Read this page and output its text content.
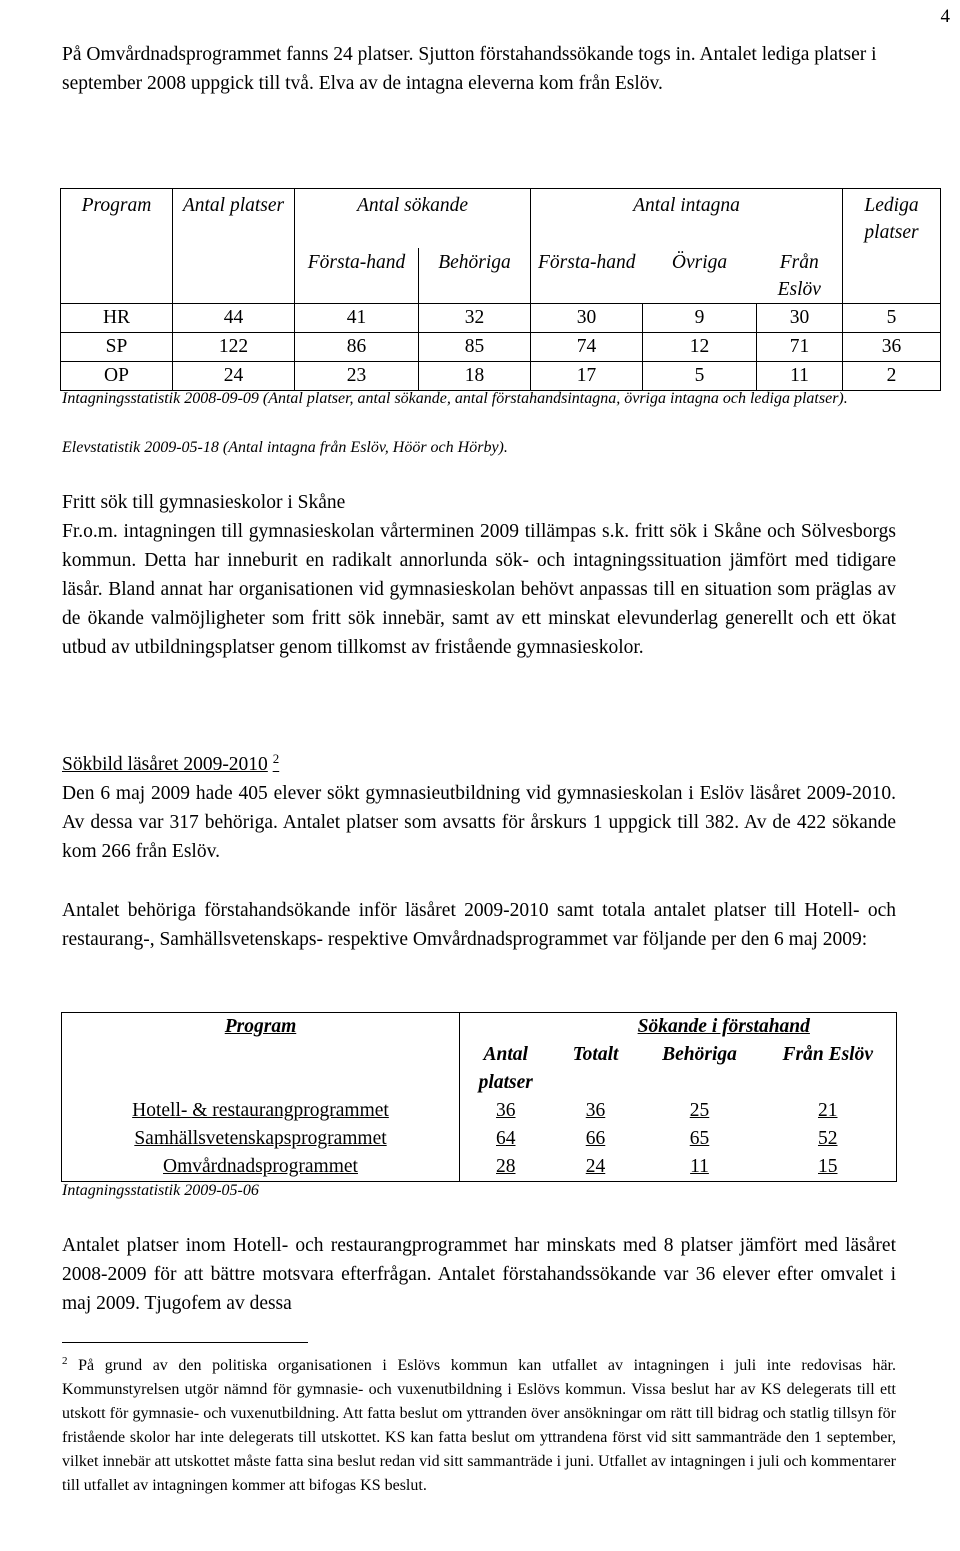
4

På Omvårdnadsprogrammet fanns 24 platser. Sjutton förstahandssökande togs in. Antalet lediga platser i september 2008 uppgick till två. Elva av de intagna eleverna kom från Eslöv.

Program	Antal platser	Antal sökande		Antal intagna			Lediga platser
		Första-hand	Behöriga	Första-hand	Övriga	Från Eslöv	
HR	44	41	32	30	9	30	5
SP	122	86	85	74	12	71	36
OP	24	23	18	17	5	11	2
Intagningsstatistik 2008-09-09 (Antal platser, antal sökande, antal förstahandsintagna, övriga intagna och lediga platser).
Elevstatistik 2009-05-18 (Antal intagna från Eslöv, Höör och Hörby).
Fritt sök till gymnasieskolor i Skåne
Fr.o.m. intagningen till gymnasieskolan vårterminen 2009 tillämpas s.k. fritt sök i Skåne och Sölvesborgs kommun. Detta har inneburit en radikalt annorlunda sök- och intagningssituation jämfört med tidigare läsår. Bland annat har organisationen vid gymnasieskolan behövt anpassas till en situation som präglas av de ökande valmöjligheter som fritt sök innebär, samt av ett minskat elevunderlag generellt och ett ökat utbud av utbildningsplatser genom tillkomst av fristående gymnasieskolor.
Sökbild läsåret 2009-2010 $^2$
Den 6 maj 2009 hade 405 elever sökt gymnasieutbildning vid gymnasieskolan i Eslöv läsåret 2009-2010. Av dessa var 317 behöriga. Antalet platser som avsatts för årskurs 1 uppgick till 382. Av de 422 sökande kom 266 från Eslöv.

Antalet behöriga förstahandsökande inför läsåret 2009-2010 samt totala antalet platser till Hotell- och restaurang-, Samhällsvetenskaps- respektive Omvårdnadsprogrammet var följande per den 6 maj 2009:

Program		Sökande i förstahand		
	Antal platser	Totalt	Behöriga	Från Eslöv
Hotell- & restaurangprogrammet	36	36	25	21
Samhällsvetenskapsprogrammet	64	66	65	52
Omvårdnadsprogrammet	28	24	11	15
Intagningsstatistik 2009-05-06

Antalet platser inom Hotell- och restaurangprogrammet har minskats med 8 platser jämfört med läsåret 2008-2009 för att bättre motsvara efterfrågan. Antalet förstahandssökande var 36 elever efter omvalet i maj 2009. Tjugofem av dessa

$^2$ På grund av den politiska organisationen i Eslövs kommun kan utfallet av intagningen i juli inte redovisas här. Kommunstyrelsen utgör nämnd för gymnasie- och vuxenutbildning i Eslövs kommun. Vissa beslut har av KS delegerats till ett utskott för gymnasie- och vuxenutbildning. Att fatta beslut om yttranden över ansökningar om rätt till bidrag och statlig tillsyn för fristående skolor har inte delegerats till utskottet. KS kan fatta beslut om yttrandena först vid sitt sammanträde den 1 september, vilket innebär att utskottet måste fatta sina beslut redan vid sitt sammanträde i juni. Utfallet av intagningen i juli och kommentarer till utfallet av intagningen kommer att bifogas KS beslut.
